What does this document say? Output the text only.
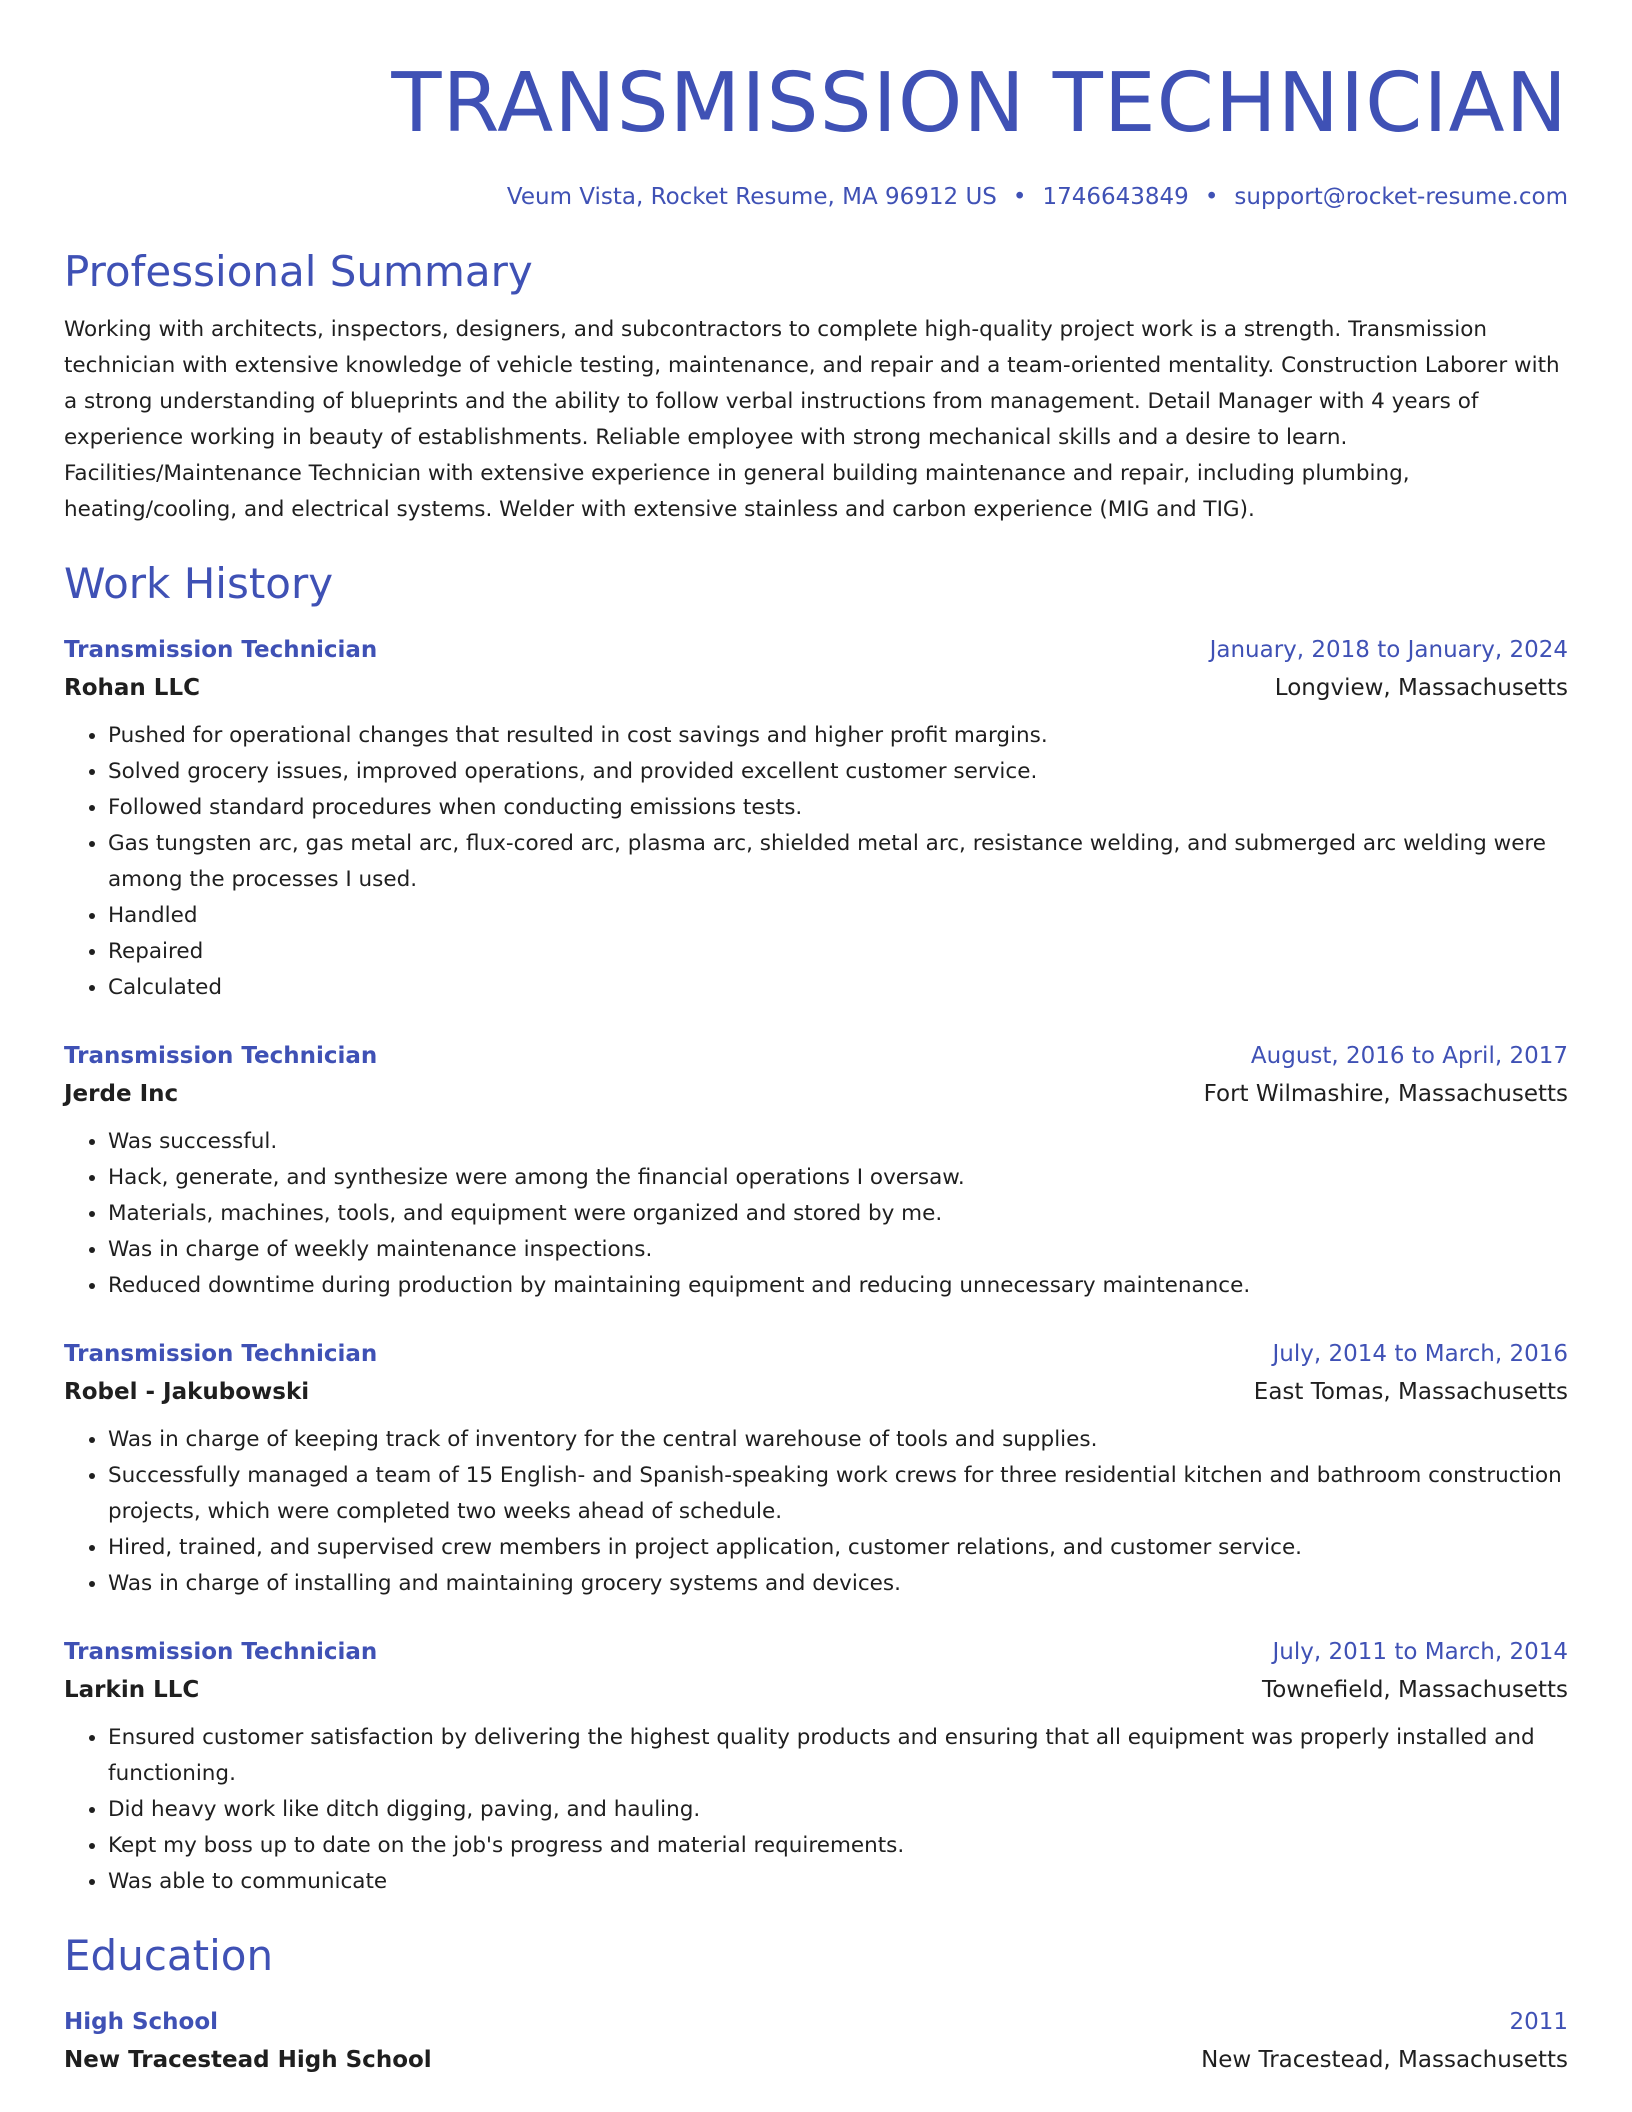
TRANSMISSION TECHNICIAN
Veum Vista, Rocket Resume, MA 96912 US • 1746643849 • support@rocket-resume.com
Professional Summary
Working with architects, inspectors, designers, and subcontractors to complete high-quality project work is a strength. Transmission technician with extensive knowledge of vehicle testing, maintenance, and repair and a team-oriented mentality. Construction Laborer with a strong understanding of blueprints and the ability to follow verbal instructions from management. Detail Manager with 4 years of experience working in beauty of establishments. Reliable employee with strong mechanical skills and a desire to learn. Facilities/Maintenance Technician with extensive experience in general building maintenance and repair, including plumbing, heating/cooling, and electrical systems. Welder with extensive stainless and carbon experience (MIG and TIG).
Work History
Transmission Technician	January, 2018 to January, 2024
Rohan LLC	Longview, Massachusetts
• Pushed for operational changes that resulted in cost savings and higher profit margins.
• Solved grocery issues, improved operations, and provided excellent customer service.
• Followed standard procedures when conducting emissions tests.
• Gas tungsten arc, gas metal arc, flux-cored arc, plasma arc, shielded metal arc, resistance welding, and submerged arc welding were among the processes I used.
• Handled
• Repaired
• Calculated
Transmission Technician	August, 2016 to April, 2017
Jerde Inc	Fort Wilmashire, Massachusetts
• Was successful.
• Hack, generate, and synthesize were among the financial operations I oversaw.
• Materials, machines, tools, and equipment were organized and stored by me.
• Was in charge of weekly maintenance inspections.
• Reduced downtime during production by maintaining equipment and reducing unnecessary maintenance.
Transmission Technician	July, 2014 to March, 2016
Robel - Jakubowski	East Tomas, Massachusetts
• Was in charge of keeping track of inventory for the central warehouse of tools and supplies.
• Successfully managed a team of 15 English- and Spanish-speaking work crews for three residential kitchen and bathroom construction projects, which were completed two weeks ahead of schedule.
• Hired, trained, and supervised crew members in project application, customer relations, and customer service.
• Was in charge of installing and maintaining grocery systems and devices.
Transmission Technician	July, 2011 to March, 2014
Larkin LLC	Townefield, Massachusetts
• Ensured customer satisfaction by delivering the highest quality products and ensuring that all equipment was properly installed and functioning.
• Did heavy work like ditch digging, paving, and hauling.
• Kept my boss up to date on the job's progress and material requirements.
• Was able to communicate
Education
High School	2011
New Tracestead High School	New Tracestead, Massachusetts
